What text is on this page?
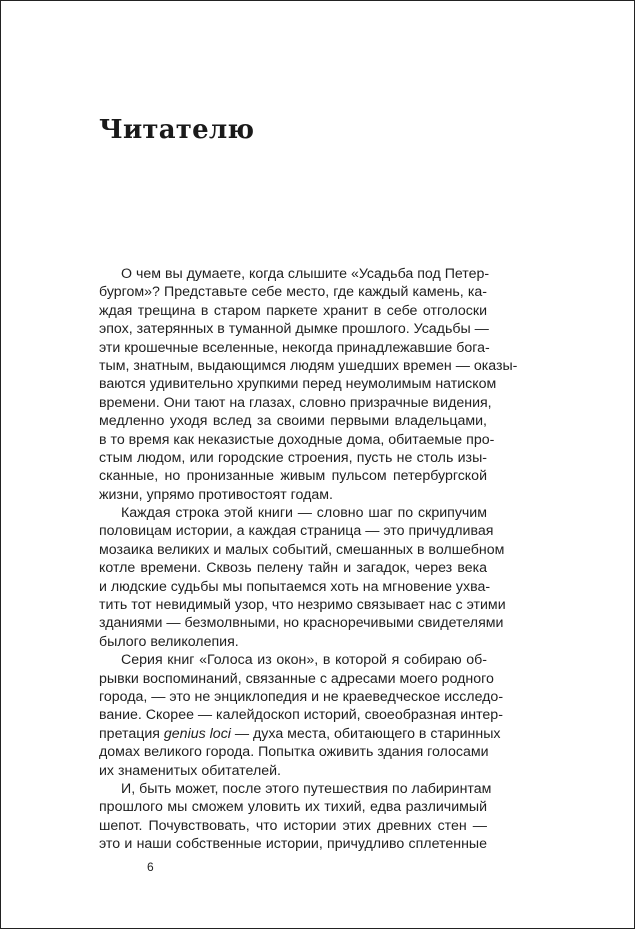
Читателю
О чем вы думаете, когда слышите «Усадьба под Петер-
бургом»? Представьте себе место, где каждый камень, ка-
ждая трещина в старом паркете хранит в себе отголоски
эпох, затерянных в туманной дымке прошлого. Усадьбы —
эти крошечные вселенные, некогда принадлежавшие бога-
тым, знатным, выдающимся людям ушедших времен — оказы-
ваются удивительно хрупкими перед неумолимым натиском
времени. Они тают на глазах, словно призрачные видения,
медленно уходя вслед за своими первыми владельцами,
в то время как неказистые доходные дома, обитаемые про-
стым людом, или городские строения, пусть не столь изы-
сканные, но пронизанные живым пульсом петербургской
жизни, упрямо противостоят годам.
Каждая строка этой книги — словно шаг по скрипучим
половицам истории, а каждая страница — это причудливая
мозаика великих и малых событий, смешанных в волшебном
котле времени. Сквозь пелену тайн и загадок, через века
и людские судьбы мы попытаемся хоть на мгновение ухва-
тить тот невидимый узор, что незримо связывает нас с этими
зданиями — безмолвными, но красноречивыми свидетелями
былого великолепия.
Серия книг «Голоса из окон», в которой я собираю об-
рывки воспоминаний, связанные с адресами моего родного
города, — это не энциклопедия и не краеведческое исследо-
вание. Скорее — калейдоскоп историй, своеобразная интер-
претация genius loci — духа места, обитающего в старинных
домах великого города. Попытка оживить здания голосами
их знаменитых обитателей.
И, быть может, после этого путешествия по лабиринтам
прошлого мы сможем уловить их тихий, едва различимый
шепот. Почувствовать, что истории этих древних стен —
это и наши собственные истории, причудливо сплетенные
6
